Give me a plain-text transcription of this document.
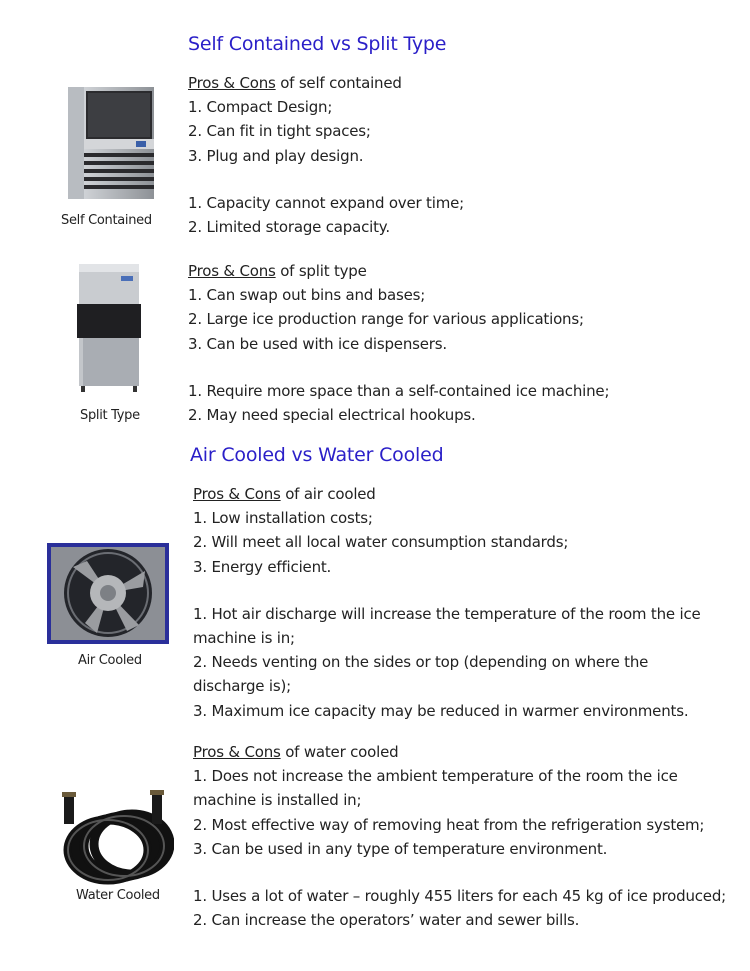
Self Contained vs Split Type
Self Contained
Pros & Cons of self contained
1. Compact Design;
2. Can fit in tight spaces;
3. Plug and play design.
1. Capacity cannot expand over time;
2. Limited storage capacity.
Split Type
Pros & Cons of split type
1. Can swap out bins and bases;
2. Large ice production range for various applications;
3. Can be used with ice dispensers.
1. Require more space than a self-contained ice machine;
2. May need special electrical hookups.
Air Cooled vs Water Cooled
Air Cooled
Pros & Cons of air cooled
1. Low installation costs;
2. Will meet all local water consumption standards;
3. Energy efficient.
1. Hot air discharge will increase the temperature of the room the ice machine is in;
2. Needs venting on the sides or top (depending on where the discharge is);
3. Maximum ice capacity may be reduced in warmer environments.
Water Cooled
Pros & Cons of water cooled
1. Does not increase the ambient temperature of the room the ice machine is installed in;
2. Most effective way of removing heat from the refrigeration system;
3. Can be used in any type of temperature environment.
1. Uses a lot of water – roughly 455 liters for each 45 kg of ice produced;
2. Can increase the operators’ water and sewer bills.
